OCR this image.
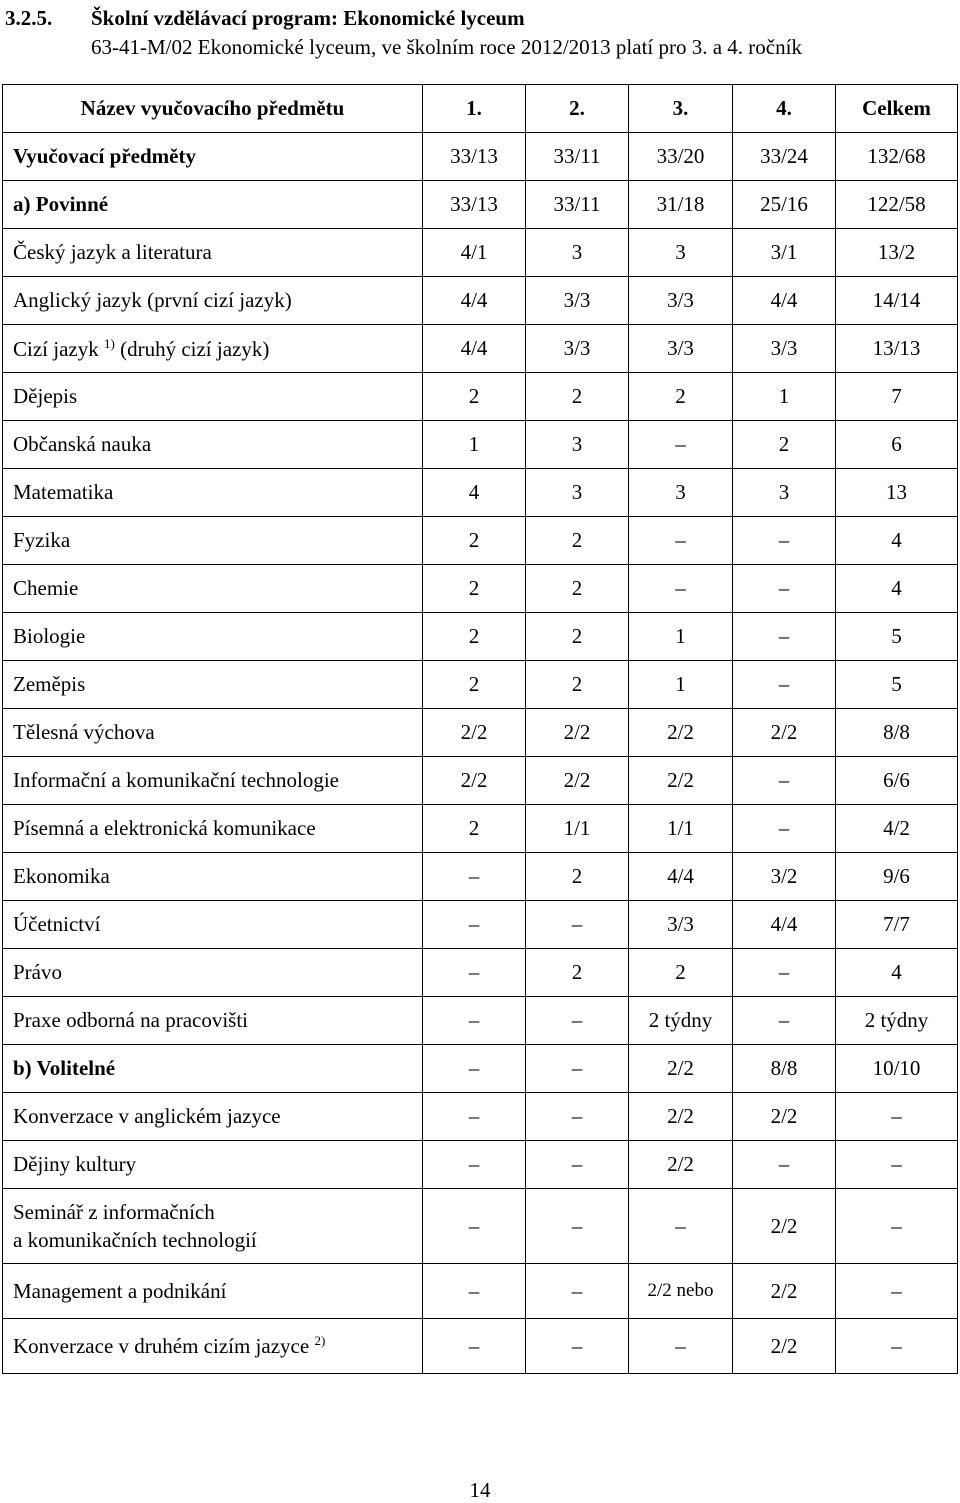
3.2.5. Školní vzdělávací program: Ekonomické lyceum
63-41-M/02 Ekonomické lyceum, ve školním roce 2012/2013 platí pro 3. a 4. ročník
Název vyučovacího předmětu	1.	2.	3.	4.	Celkem
Vyučovací předměty	33/13	33/11	33/20	33/24	132/68
a) Povinné	33/13	33/11	31/18	25/16	122/58
Český jazyk a literatura	4/1	3	3	3/1	13/2
Anglický jazyk (první cizí jazyk)	4/4	3/3	3/3	4/4	14/14
Cizí jazyk $^{1)}$ (druhý cizí jazyk)	4/4	3/3	3/3	3/3	13/13
Dějepis	2	2	2	1	7
Občanská nauka	1	3	–	2	6
Matematika	4	3	3	3	13
Fyzika	2	2	–	–	4
Chemie	2	2	–	–	4
Biologie	2	2	1	–	5
Zeměpis	2	2	1	–	5
Tělesná výchova	2/2	2/2	2/2	2/2	8/8
Informační a komunikační technologie	2/2	2/2	2/2	–	6/6
Písemná a elektronická komunikace	2	1/1	1/1	–	4/2
Ekonomika	–	2	4/4	3/2	9/6
Účetnictví	–	–	3/3	4/4	7/7
Právo	–	2	2	–	4
Praxe odborná na pracovišti	–	–	2 týdny	–	2 týdny
b) Volitelné	–	–	2/2	8/8	10/10
Konverzace v anglickém jazyce	–	–	2/2	2/2	–
Dějiny kultury	–	–	2/2	–	–
Seminář z informačních
a komunikačních technologií	–	–	–	2/2	–
Management a podnikání	–	–	2/2 nebo	2/2	–
Konverzace v druhém cizím jazyce $^{2)}$	–	–	–	2/2	–
14
